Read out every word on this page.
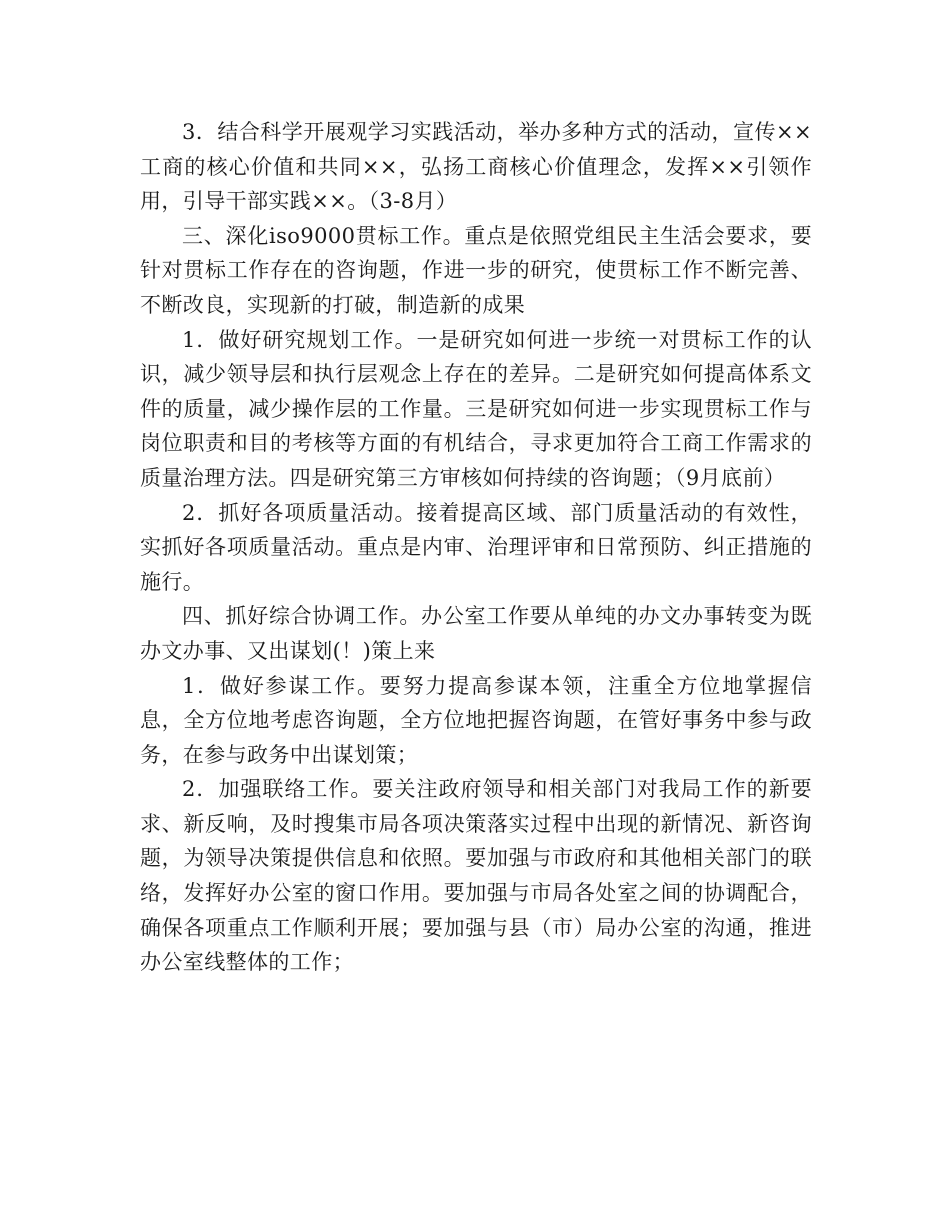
3．结合科学开展观学习实践活动，举办多种方式的活动，宣传××工商的核心价值和共同××，弘扬工商核心价值理念，发挥××引领作用，引导干部实践××。（3-8月）

三、深化iso9000贯标工作。重点是依照党组民主生活会要求，要针对贯标工作存在的咨询题，作进一步的研究，使贯标工作不断完善、不断改良，实现新的打破，制造新的成果

1．做好研究规划工作。一是研究如何进一步统一对贯标工作的认识，减少领导层和执行层观念上存在的差异。二是研究如何提高体系文件的质量，减少操作层的工作量。三是研究如何进一步实现贯标工作与岗位职责和目的考核等方面的有机结合，寻求更加符合工商工作需求的质量治理方法。四是研究第三方审核如何持续的咨询题；（9月底前）

2．抓好各项质量活动。接着提高区域、部门质量活动的有效性，实抓好各项质量活动。重点是内审、治理评审和日常预防、纠正措施的施行。

四、抓好综合协调工作。办公室工作要从单纯的办文办事转变为既办文办事、又出谋划(！)策上来

1．做好参谋工作。要努力提高参谋本领，注重全方位地掌握信息，全方位地考虑咨询题，全方位地把握咨询题，在管好事务中参与政务，在参与政务中出谋划策；

2．加强联络工作。要关注政府领导和相关部门对我局工作的新要求、新反响，及时搜集市局各项决策落实过程中出现的新情况、新咨询题，为领导决策提供信息和依照。要加强与市政府和其他相关部门的联络，发挥好办公室的窗口作用。要加强与市局各处室之间的协调配合，确保各项重点工作顺利开展；要加强与县（市）局办公室的沟通，推进办公室线整体的工作；
